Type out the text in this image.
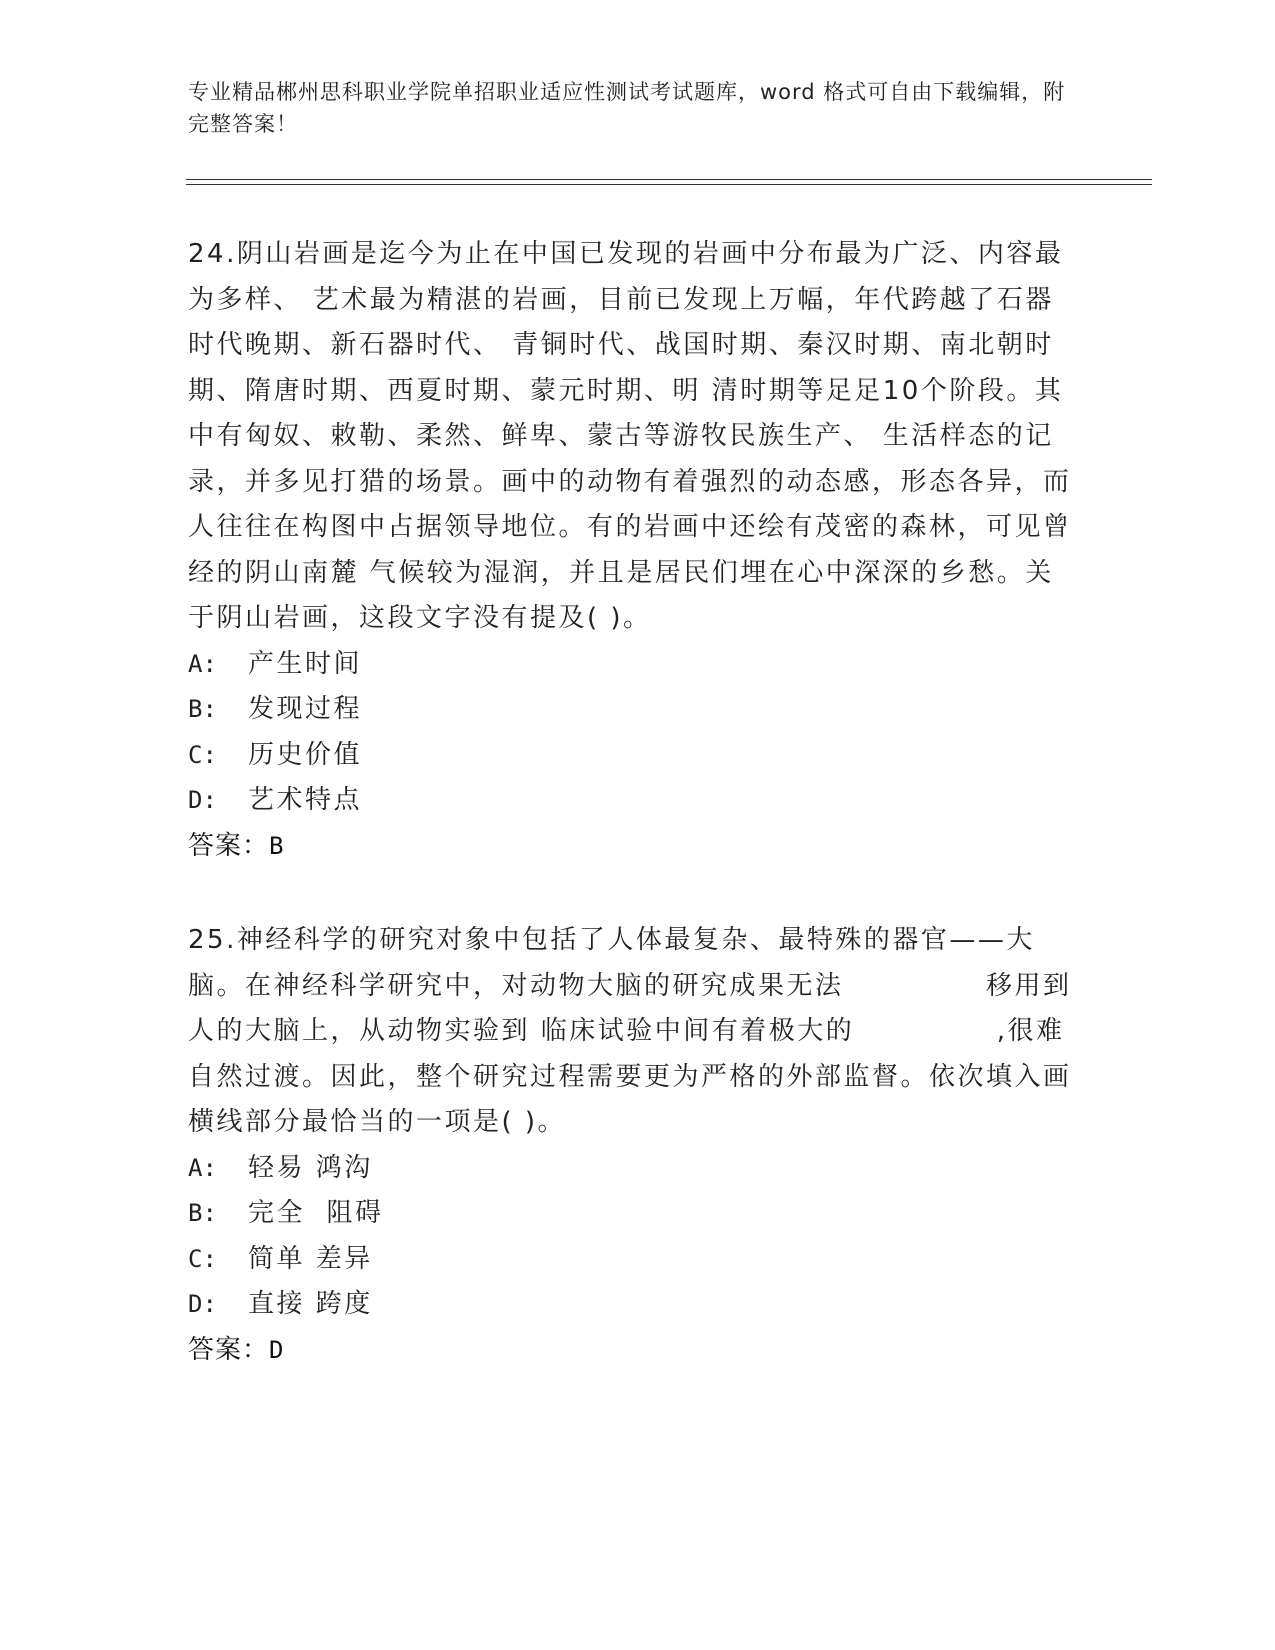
专业精品郴州思科职业学院单招职业适应性测试考试题库，word 格式可自由下载编辑，附完整答案！

24.阴山岩画是迄今为止在中国已发现的岩画中分布最为广泛、内容最为多样、 艺术最为精湛的岩画，目前已发现上万幅，年代跨越了石器时代晚期、新石器时代、 青铜时代、战国时期、秦汉时期、南北朝时期、隋唐时期、西夏时期、蒙元时期、明 清时期等足足10个阶段。其中有匈奴、敕勒、柔然、鲜卑、蒙古等游牧民族生产、 生活样态的记录，并多见打猎的场景。画中的动物有着强烈的动态感，形态各异，而 人往往在构图中占据领导地位。有的岩画中还绘有茂密的森林，可见曾经的阴山南麓 气候较为湿润，并且是居民们埋在心中深深的乡愁。关于阴山岩画，这段文字没有提及( )。

A:	产生时间
B:	发现过程
C:	历史价值
D:	艺术特点
答案：B

25.神经科学的研究对象中包括了人体最复杂、最特殊的器官——大脑。在神经科学研究中，对动物大脑的研究成果无法　　　　　移用到人的大脑上，从动物实验到 临床试验中间有着极大的　　　　　,很难自然过渡。因此，整个研究过程需要更为严格的外部监督。依次填入画横线部分最恰当的一项是( )。

A:	轻易 鸿沟
B:	完全  阻碍
C:	简单 差异
D:	直接 跨度
答案：D
